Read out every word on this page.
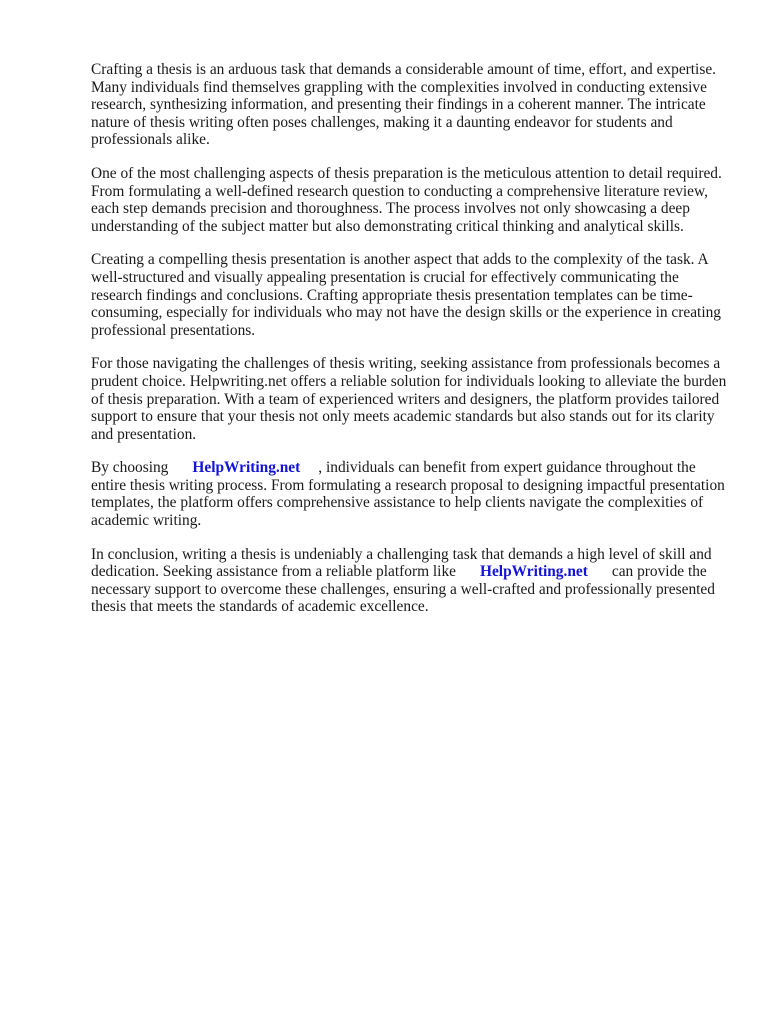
Crafting a thesis is an arduous task that demands a considerable amount of time, effort, and expertise. Many individuals find themselves grappling with the complexities involved in conducting extensive research, synthesizing information, and presenting their findings in a coherent manner. The intricate nature of thesis writing often poses challenges, making it a daunting endeavor for students and professionals alike.

One of the most challenging aspects of thesis preparation is the meticulous attention to detail required. From formulating a well-defined research question to conducting a comprehensive literature review, each step demands precision and thoroughness. The process involves not only showcasing a deep understanding of the subject matter but also demonstrating critical thinking and analytical skills.

Creating a compelling thesis presentation is another aspect that adds to the complexity of the task. A well-structured and visually appealing presentation is crucial for effectively communicating the research findings and conclusions. Crafting appropriate thesis presentation templates can be time-consuming, especially for individuals who may not have the design skills or the experience in creating professional presentations.

For those navigating the challenges of thesis writing, seeking assistance from professionals becomes a prudent choice. Helpwriting.net offers a reliable solution for individuals looking to alleviate the burden of thesis preparation. With a team of experienced writers and designers, the platform provides tailored support to ensure that your thesis not only meets academic standards but also stands out for its clarity and presentation.

By choosing HelpWriting.net , individuals can benefit from expert guidance throughout the entire thesis writing process. From formulating a research proposal to designing impactful presentation templates, the platform offers comprehensive assistance to help clients navigate the complexities of academic writing.

In conclusion, writing a thesis is undeniably a challenging task that demands a high level of skill and dedication. Seeking assistance from a reliable platform like HelpWriting.net can provide the necessary support to overcome these challenges, ensuring a well-crafted and professionally presented thesis that meets the standards of academic excellence.
